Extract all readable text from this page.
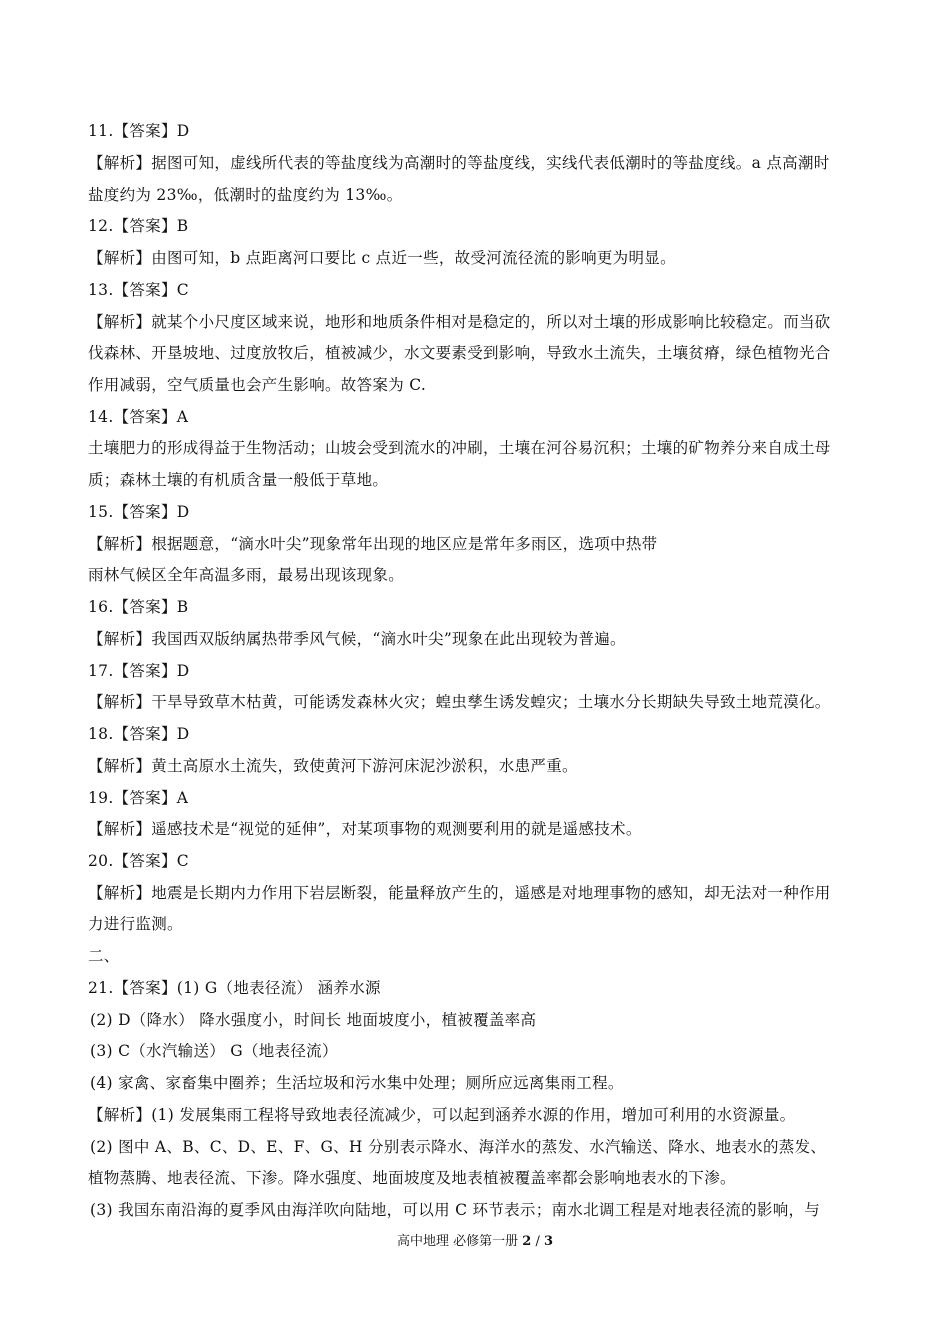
11.【答案】D
【解析】据图可知，虚线所代表的等盐度线为高潮时的等盐度线，实线代表低潮时的等盐度线。a 点高潮时
盐度约为 23‰，低潮时的盐度约为 13‰。
12.【答案】B
【解析】由图可知，b 点距离河口要比 c 点近一些，故受河流径流的影响更为明显。
13.【答案】C
【解析】就某个小尺度区域来说，地形和地质条件相对是稳定的，所以对土壤的形成影响比较稳定。而当砍
伐森林、开垦坡地、过度放牧后，植被减少，水文要素受到影响，导致水土流失，土壤贫瘠，绿色植物光合
作用减弱，空气质量也会产生影响。故答案为 C.
14.【答案】A
土壤肥力的形成得益于生物活动；山坡会受到流水的冲刷，土壤在河谷易沉积；土壤的矿物养分来自成土母
质；森林土壤的有机质含量一般低于草地。
15.【答案】D
【解析】根据题意，“滴水叶尖”现象常年出现的地区应是常年多雨区，选项中热带
雨林气候区全年高温多雨，最易出现该现象。
16.【答案】B
【解析】我国西双版纳属热带季风气候，“滴水叶尖”现象在此出现较为普遍。
17.【答案】D
【解析】干旱导致草木枯黄，可能诱发森林火灾；蝗虫孳生诱发蝗灾；土壤水分长期缺失导致土地荒漠化。
18.【答案】D
【解析】黄土高原水土流失，致使黄河下游河床泥沙淤积，水患严重。
19.【答案】A
【解析】遥感技术是“视觉的延伸”，对某项事物的观测要利用的就是遥感技术。
20.【答案】C
【解析】地震是长期内力作用下岩层断裂，能量释放产生的，遥感是对地理事物的感知，却无法对一种作用
力进行监测。
二、
21.【答案】(1) G（地表径流） 涵养水源
(2) D（降水） 降水强度小，时间长 地面坡度小，植被覆盖率高
(3) C（水汽输送） G（地表径流）
(4) 家禽、家畜集中圈养；生活垃圾和污水集中处理；厕所应远离集雨工程。
【解析】(1) 发展集雨工程将导致地表径流减少，可以起到涵养水源的作用，增加可利用的水资源量。
(2) 图中 A、B、C、D、E、F、G、H 分别表示降水、海洋水的蒸发、水汽输送、降水、地表水的蒸发、
植物蒸腾、地表径流、下渗。降水强度、地面坡度及地表植被覆盖率都会影响地表水的下渗。
(3) 我国东南沿海的夏季风由海洋吹向陆地，可以用 C 环节表示；南水北调工程是对地表径流的影响，与
高中地理 必修第一册 2 / 3
